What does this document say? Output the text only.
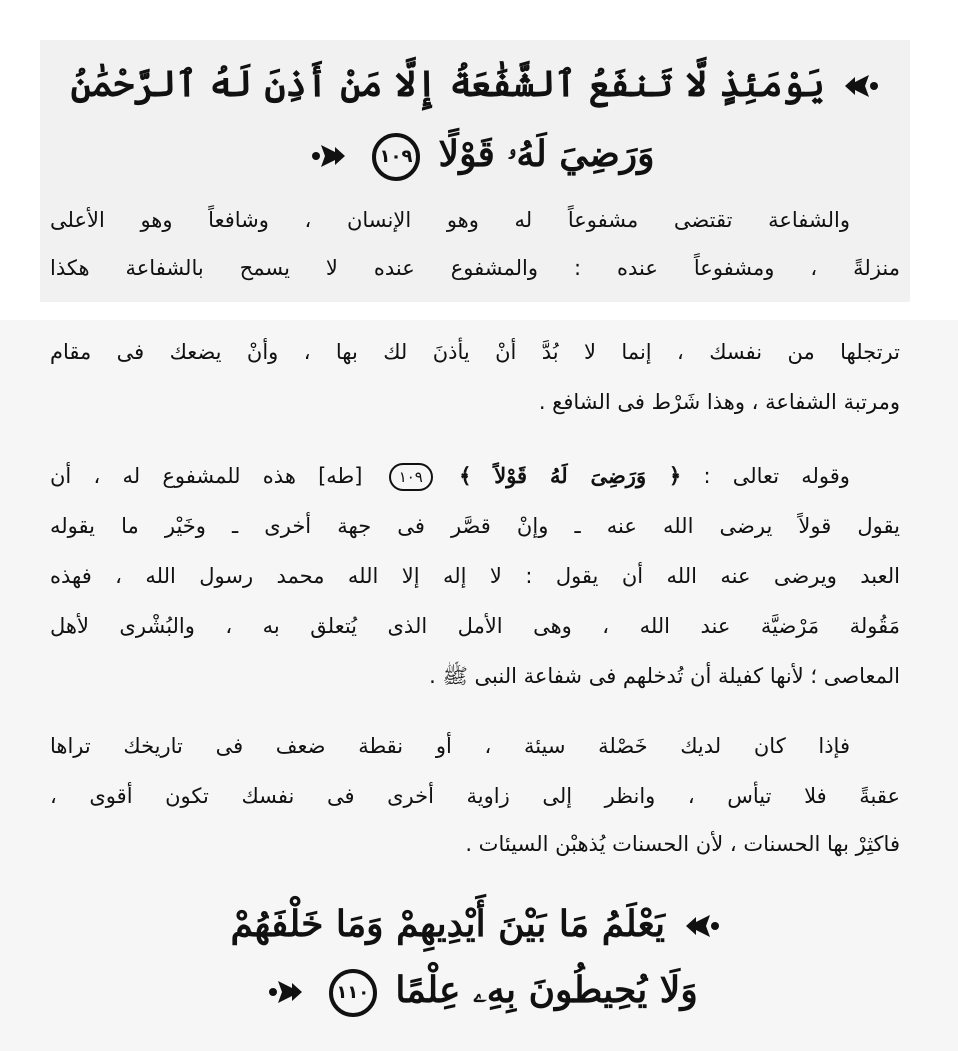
يَوْمَئِذٍ لَّا تَنفَعُ ٱلشَّفَٰعَةُ إِلَّا مَنْ أَذِنَ لَهُ ٱلرَّحْمَٰنُ
وَرَضِيَ لَهُۥ قَوْلًا ١٠٩
والشفاعة تقتضى مشفوعاً له وهو الإنسان ، وشافعاً وهو الأعلى
منزلةً ، ومشفوعاً عنده : والمشفوع عنده لا يسمح بالشفاعة هكذا
ترتجلها من نفسك ، إنما لا بُدَّ أنْ يأذنَ لك بها ، وأنْ يضعك فى مقام
ومرتبة الشفاعة ، وهذا شَرْط فى الشافع .
وقوله تعالى : ﴿ وَرَضِىَ لَهُ قَوْلاً ﴾ ١٠٩ [طه] هذه للمشفوع له ، أن
يقول قولاً يرضى الله عنه ـ وإنْ قصَّر فى جهة أخرى ـ وخَيْر ما يقوله
العبد ويرضى عنه الله أن يقول : لا إله إلا الله محمد رسول الله ، فهذه
مَقُولة مَرْضيَّة عند الله ، وهى الأمل الذى يُتعلق به ، والبُشْرى لأهل
المعاصى ؛ لأنها كفيلة أن تُدخلهم فى شفاعة النبى ﷺ .
فإذا كان لديك خَصْلة سيئة ، أو نقطة ضعف فى تاريخك تراها
عقبةً فلا تيأس ، وانظر إلى زاوية أخرى فى نفسك تكون أقوى ،
فاكثِرْ بها الحسنات ، لأن الحسنات يُذهبْن السيئات .
يَعْلَمُ مَا بَيْنَ أَيْدِيهِمْ وَمَا خَلْفَهُمْ
وَلَا يُحِيطُونَ بِهِۦ عِلْمًا ١١٠
